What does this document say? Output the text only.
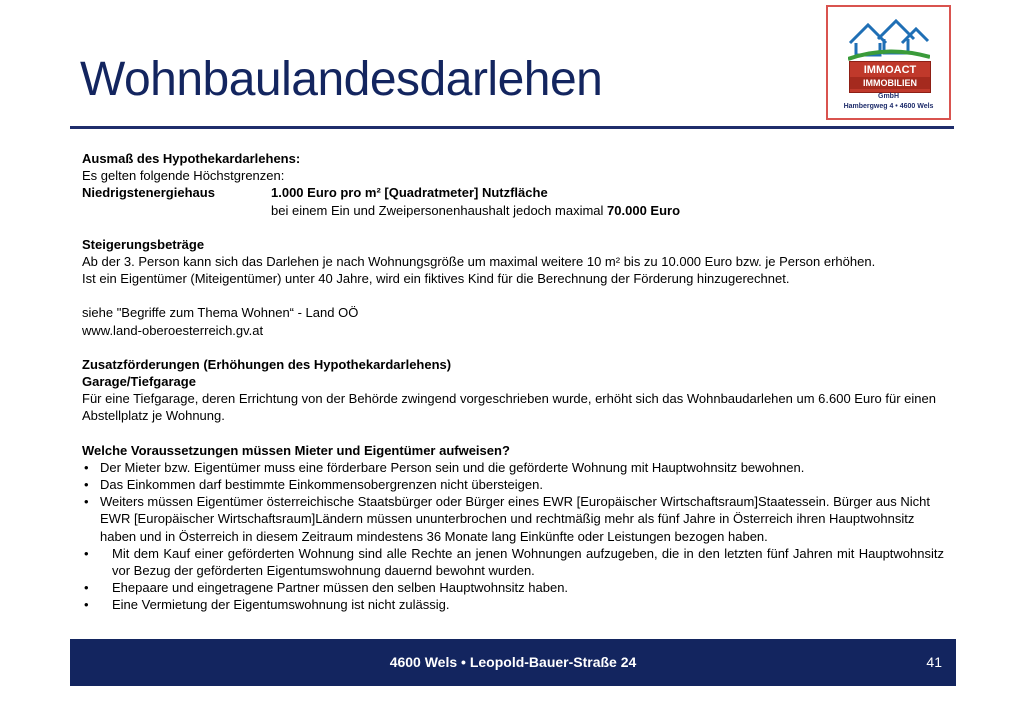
Wohnbaulandesdarlehen	IMMOACT
IMMOBILIEN
GmbH
Hambergweg 4 • 4600 Wels

Ausmaß des Hypothekardarlehens:

Es gelten folgende Höchstgrenzen:

Niedrigstenergiehaus	1.000 Euro pro m² [Quadratmeter] Nutzfläche

bei einem Ein und Zweipersonenhaushalt jedoch maximal 70.000 Euro

Steigerungsbeträge

Ab der 3. Person kann sich das Darlehen je nach Wohnungsgröße um maximal weitere 10 m² bis zu 10.000 Euro bzw. je Person erhöhen.

Ist ein Eigentümer (Miteigentümer) unter 40 Jahre, wird ein fiktives Kind für die Berechnung der Förderung hinzugerechnet.

siehe "Begriffe zum Thema Wohnen“ - Land OÖ

www.land-oberoesterreich.gv.at

Zusatzförderungen (Erhöhungen des Hypothekardarlehens)

Garage/Tiefgarage

Für eine Tiefgarage, deren Errichtung von der Behörde zwingend vorgeschrieben wurde, erhöht sich das Wohnbaudarlehen um 6.600 Euro für einen Abstellplatz je Wohnung.

Welche Voraussetzungen müssen Mieter und Eigentümer aufweisen?

• Der Mieter bzw. Eigentümer muss eine förderbare Person sein und die geförderte Wohnung mit Hauptwohnsitz bewohnen.
• Das Einkommen darf bestimmte Einkommensobergrenzen nicht übersteigen.
• Weiters müssen Eigentümer österreichische Staatsbürger oder Bürger eines EWR [Europäischer Wirtschaftsraum]Staatessein. Bürger aus Nicht EWR [Europäischer Wirtschaftsraum]Ländern müssen ununterbrochen und rechtmäßig mehr als fünf Jahre in Österreich ihren Hauptwohnsitz haben und in Österreich in diesem Zeitraum mindestens 36 Monate lang Einkünfte oder Leistungen bezogen haben.
• Mit dem Kauf einer geförderten Wohnung sind alle Rechte an jenen Wohnungen aufzugeben, die in den letzten fünf Jahren mit Hauptwohnsitz vor Bezug der geförderten Eigentumswohnung dauernd bewohnt wurden.
• Ehepaare und eingetragene Partner müssen den selben Hauptwohnsitz haben.
• Eine Vermietung der Eigentumswohnung ist nicht zulässig.
4600 Wels • Leopold-Bauer-Straße 24	41
